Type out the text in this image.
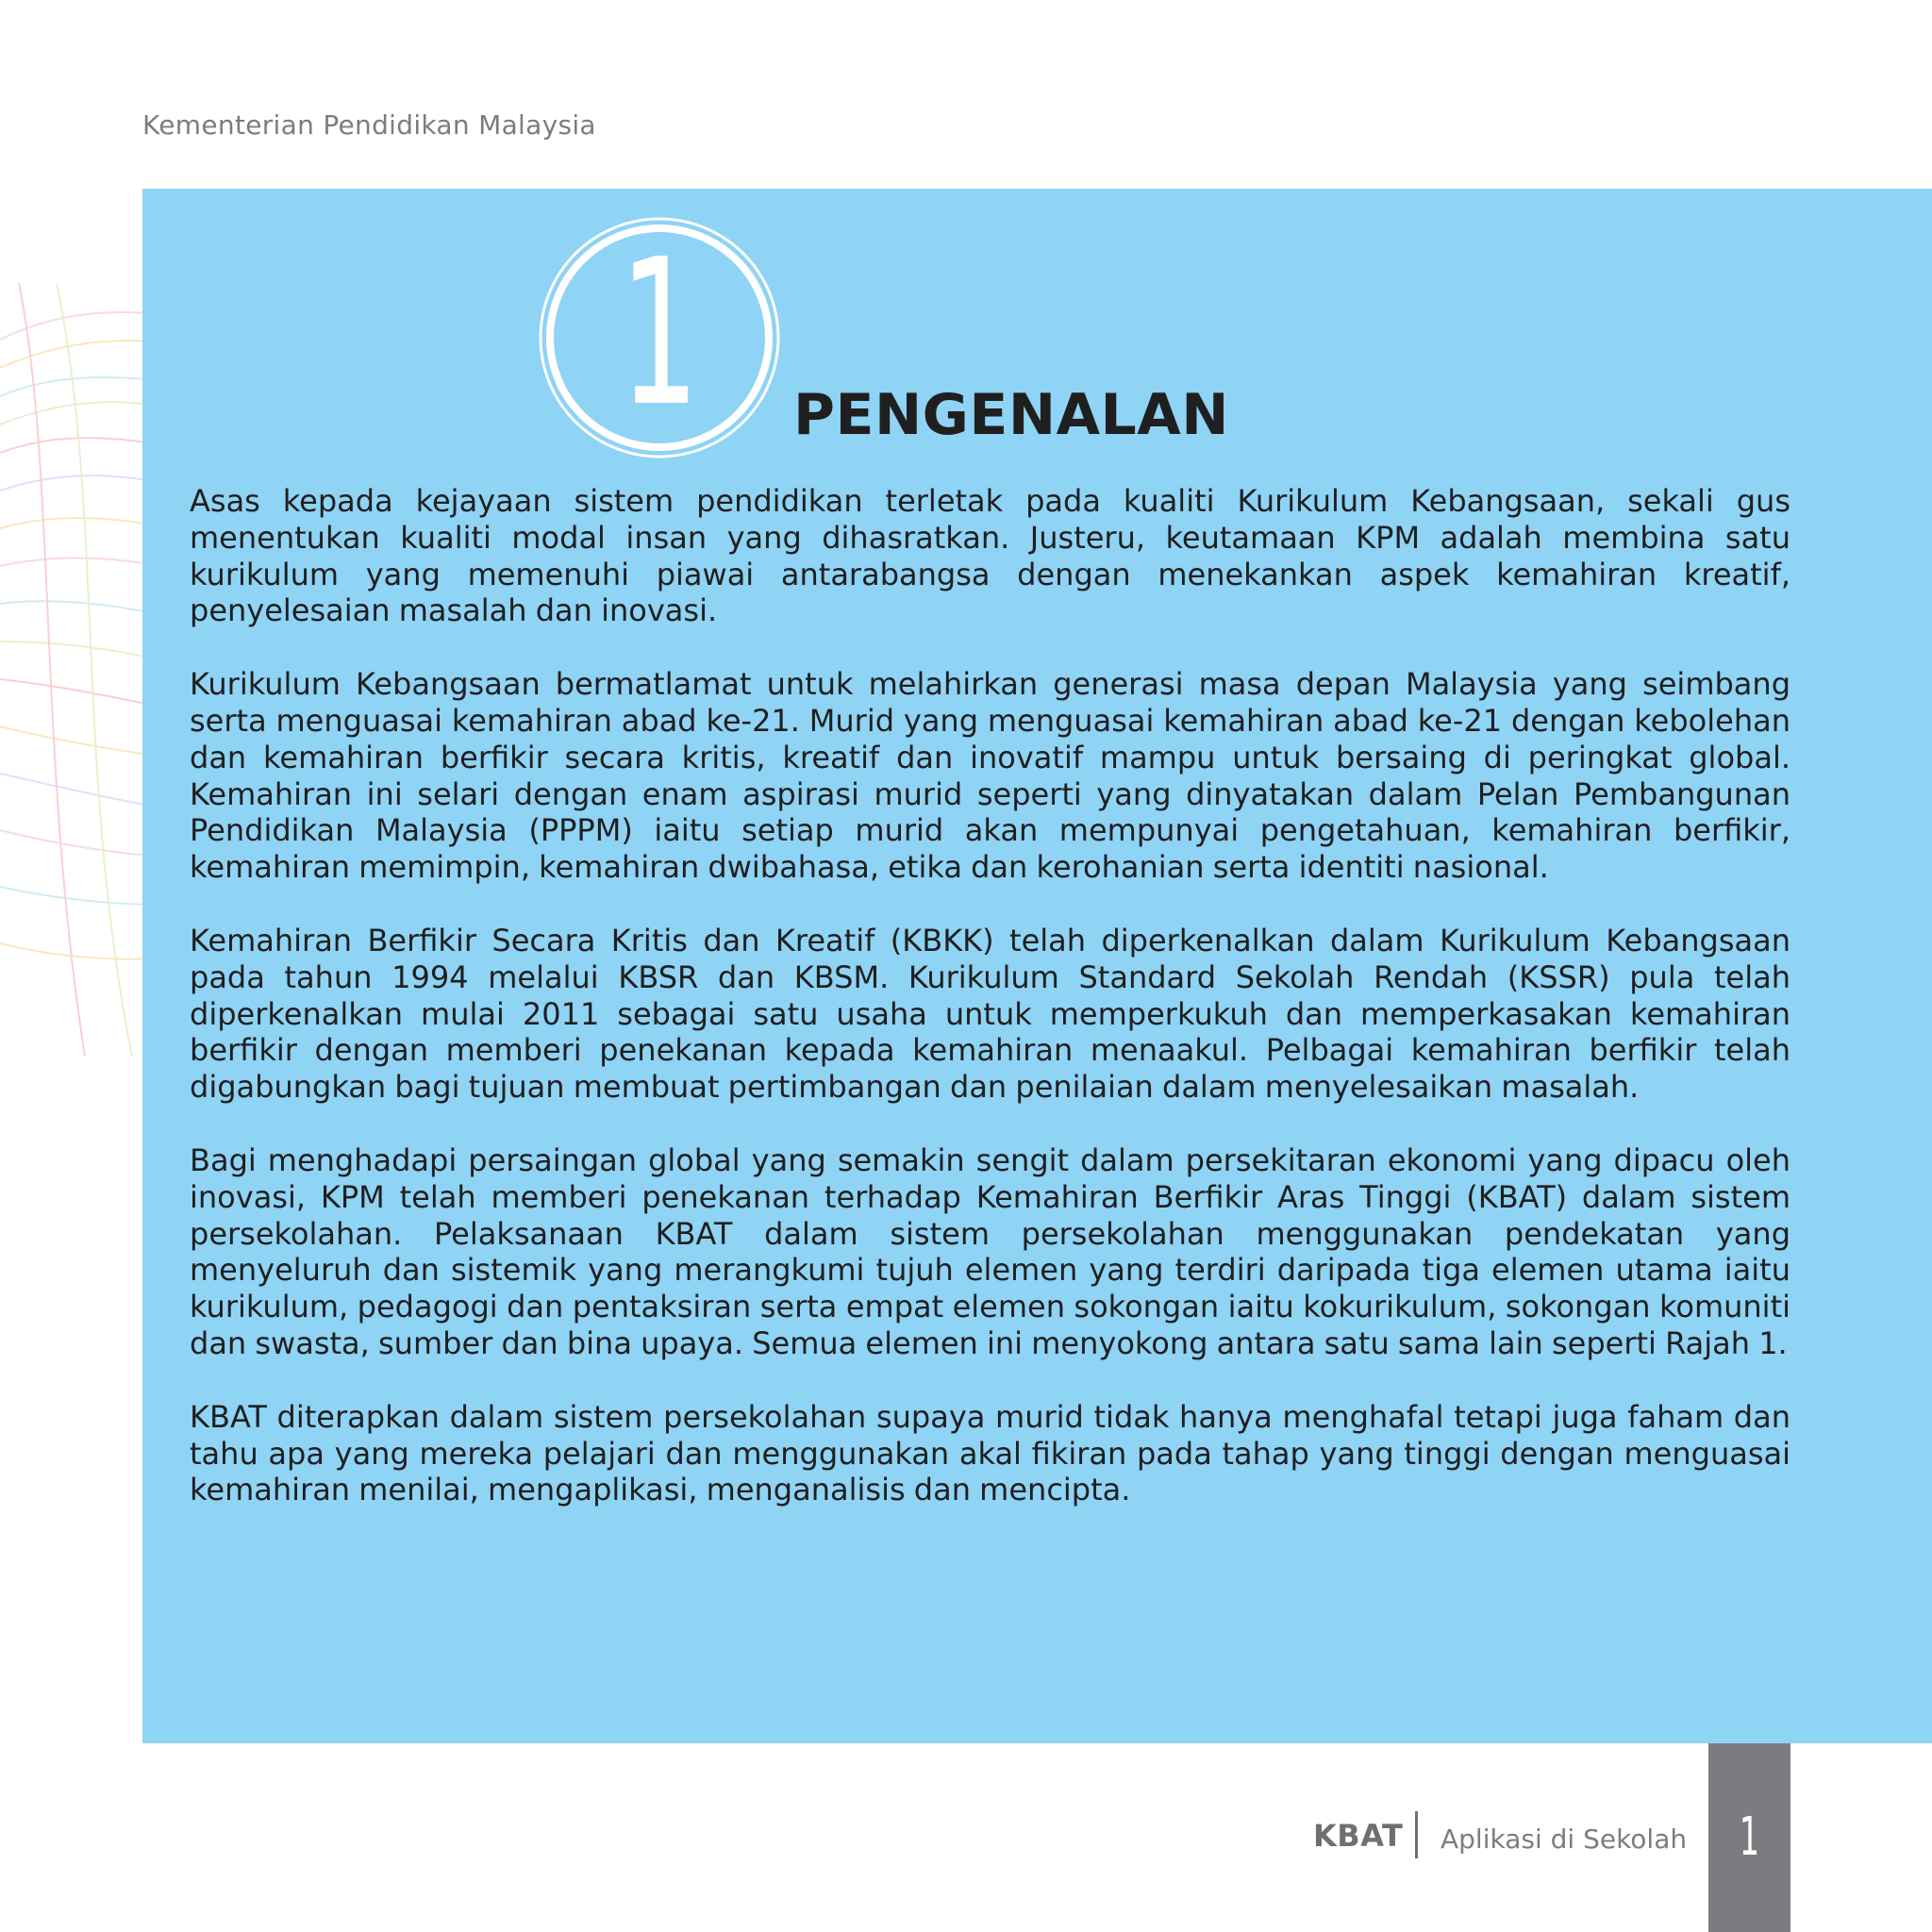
Kementerian Pendidikan Malaysia
1	PENGENALAN

Asas kepada kejayaan sistem pendidikan terletak pada kualiti Kurikulum Kebangsaan, sekali gus menentukan kualiti modal insan yang dihasratkan. Justeru, keutamaan KPM adalah membina satu kurikulum yang memenuhi piawai antarabangsa dengan menekankan aspek kemahiran kreatif, penyelesaian masalah dan inovasi.

Kurikulum Kebangsaan bermatlamat untuk melahirkan generasi masa depan Malaysia yang seimbang serta menguasai kemahiran abad ke-21. Murid yang menguasai kemahiran abad ke-21 dengan kebolehan dan kemahiran berfikir secara kritis, kreatif dan inovatif mampu untuk bersaing di peringkat global. Kemahiran ini selari dengan enam aspirasi murid seperti yang dinyatakan dalam Pelan Pembangunan Pendidikan Malaysia (PPPM) iaitu setiap murid akan mempunyai pengetahuan, kemahiran berfikir, kemahiran memimpin, kemahiran dwibahasa, etika dan kerohanian serta identiti nasional.

Kemahiran Berfikir Secara Kritis dan Kreatif (KBKK) telah diperkenalkan dalam Kurikulum Kebangsaan pada tahun 1994 melalui KBSR dan KBSM. Kurikulum Standard Sekolah Rendah (KSSR) pula telah diperkenalkan mulai 2011 sebagai satu usaha untuk memperkukuh dan memperkasakan kemahiran berfikir dengan memberi penekanan kepada kemahiran menaakul. Pelbagai kemahiran berfikir telah digabungkan bagi tujuan membuat pertimbangan dan penilaian dalam menyelesaikan masalah.

Bagi menghadapi persaingan global yang semakin sengit dalam persekitaran ekonomi yang dipacu oleh inovasi, KPM telah memberi penekanan terhadap Kemahiran Berfikir Aras Tinggi (KBAT) dalam sistem persekolahan. Pelaksanaan KBAT dalam sistem persekolahan menggunakan pendekatan yang menyeluruh dan sistemik yang merangkumi tujuh elemen yang terdiri daripada tiga elemen utama iaitu kurikulum, pedagogi dan pentaksiran serta empat elemen sokongan iaitu kokurikulum, sokongan komuniti dan swasta, sumber dan bina upaya. Semua elemen ini menyokong antara satu sama lain seperti Rajah 1.

KBAT diterapkan dalam sistem persekolahan supaya murid tidak hanya menghafal tetapi juga faham dan tahu apa yang mereka pelajari dan menggunakan akal fikiran pada tahap yang tinggi dengan menguasai kemahiran menilai, mengaplikasi, menganalisis dan mencipta.

KBAT Aplikasi di Sekolah 1
